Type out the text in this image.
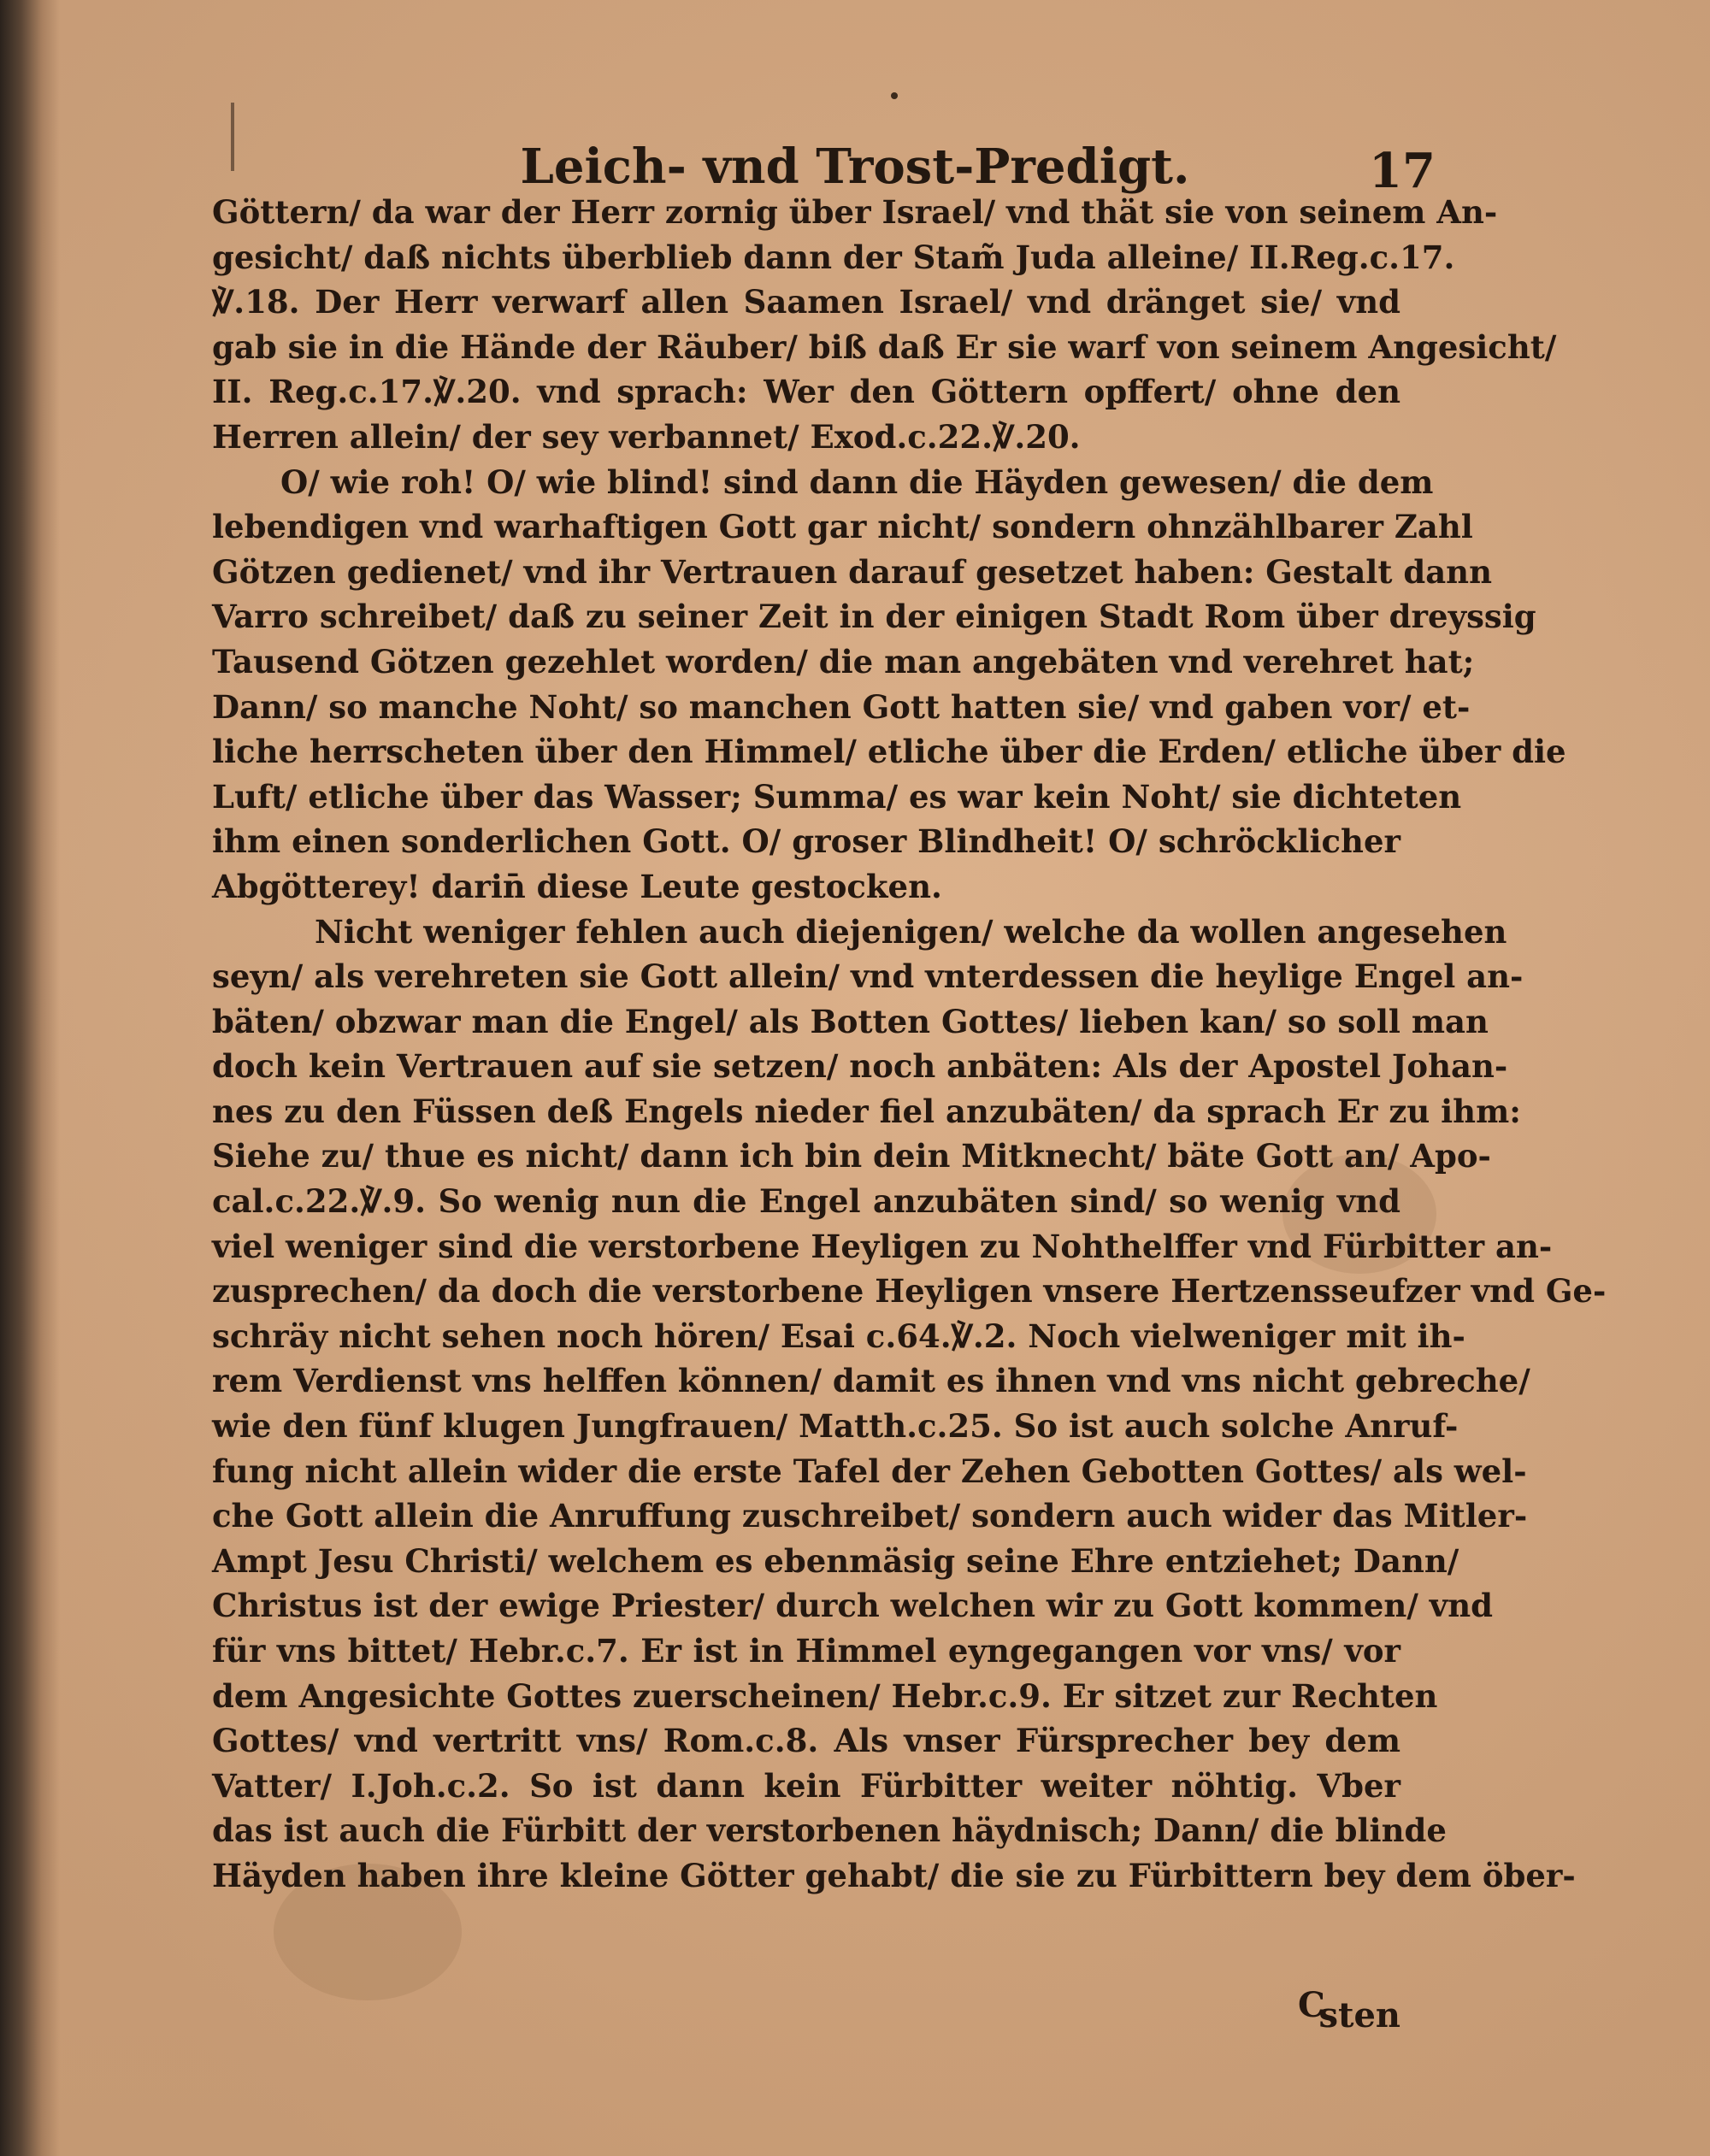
Leich- vnd Trost-Predigt.	17
Göttern/ da war der Herr zornig über Israel/ vnd thät sie von seinem An-
gesicht/ daß nichts überblieb dann der Stam̃ Juda alleine/ II.Reg.c.17.
℣.18. Der Herr verwarf allen Saamen Israel/ vnd dränget sie/ vnd
gab sie in die Hände der Räuber/ biß daß Er sie warf von seinem Angesicht/
II. Reg.c.17.℣.20. vnd sprach: Wer den Göttern opffert/ ohne den
Herren allein/ der sey verbannet/ Exod.c.22.℣.20.
O/ wie roh! O/ wie blind! sind dann die Häyden gewesen/ die dem
lebendigen vnd warhaftigen Gott gar nicht/ sondern ohnzählbarer Zahl
Götzen gedienet/ vnd ihr Vertrauen darauf gesetzet haben: Gestalt dann
Varro schreibet/ daß zu seiner Zeit in der einigen Stadt Rom über dreyssig
Tausend Götzen gezehlet worden/ die man angebäten vnd verehret hat;
Dann/ so manche Noht/ so manchen Gott hatten sie/ vnd gaben vor/ et-
liche herrscheten über den Himmel/ etliche über die Erden/ etliche über die
Luft/ etliche über das Wasser; Summa/ es war kein Noht/ sie dichteten
ihm einen sonderlichen Gott. O/ groser Blindheit! O/ schröcklicher
Abgötterey! darin̄ diese Leute gestocken.
Nicht weniger fehlen auch diejenigen/ welche da wollen angesehen
seyn/ als verehreten sie Gott allein/ vnd vnterdessen die heylige Engel an-
bäten/ obzwar man die Engel/ als Botten Gottes/ lieben kan/ so soll man
doch kein Vertrauen auf sie setzen/ noch anbäten: Als der Apostel Johan-
nes zu den Füssen deß Engels nieder fiel anzubäten/ da sprach Er zu ihm:
Siehe zu/ thue es nicht/ dann ich bin dein Mitknecht/ bäte Gott an/ Apo-
cal.c.22.℣.9. So wenig nun die Engel anzubäten sind/ so wenig vnd
viel weniger sind die verstorbene Heyligen zu Nohthelffer vnd Fürbitter an-
zusprechen/ da doch die verstorbene Heyligen vnsere Hertzensseufzer vnd Ge-
schräy nicht sehen noch hören/ Esai c.64.℣.2. Noch vielweniger mit ih-
rem Verdienst vns helffen können/ damit es ihnen vnd vns nicht gebreche/
wie den fünf klugen Jungfrauen/ Matth.c.25. So ist auch solche Anruf-
fung nicht allein wider die erste Tafel der Zehen Gebotten Gottes/ als wel-
che Gott allein die Anruffung zuschreibet/ sondern auch wider das Mitler-
Ampt Jesu Christi/ welchem es ebenmäsig seine Ehre entziehet; Dann/
Christus ist der ewige Priester/ durch welchen wir zu Gott kommen/ vnd
für vns bittet/ Hebr.c.7. Er ist in Himmel eyngegangen vor vns/ vor
dem Angesichte Gottes zuerscheinen/ Hebr.c.9. Er sitzet zur Rechten
Gottes/ vnd vertritt vns/ Rom.c.8. Als vnser Fürsprecher bey dem
Vatter/ I.Joh.c.2. So ist dann kein Fürbitter weiter nöhtig. Vber
das ist auch die Fürbitt der verstorbenen häydnisch; Dann/ die blinde
Häyden haben ihre kleine Götter gehabt/ die sie zu Fürbittern bey dem öber-
C
sten
